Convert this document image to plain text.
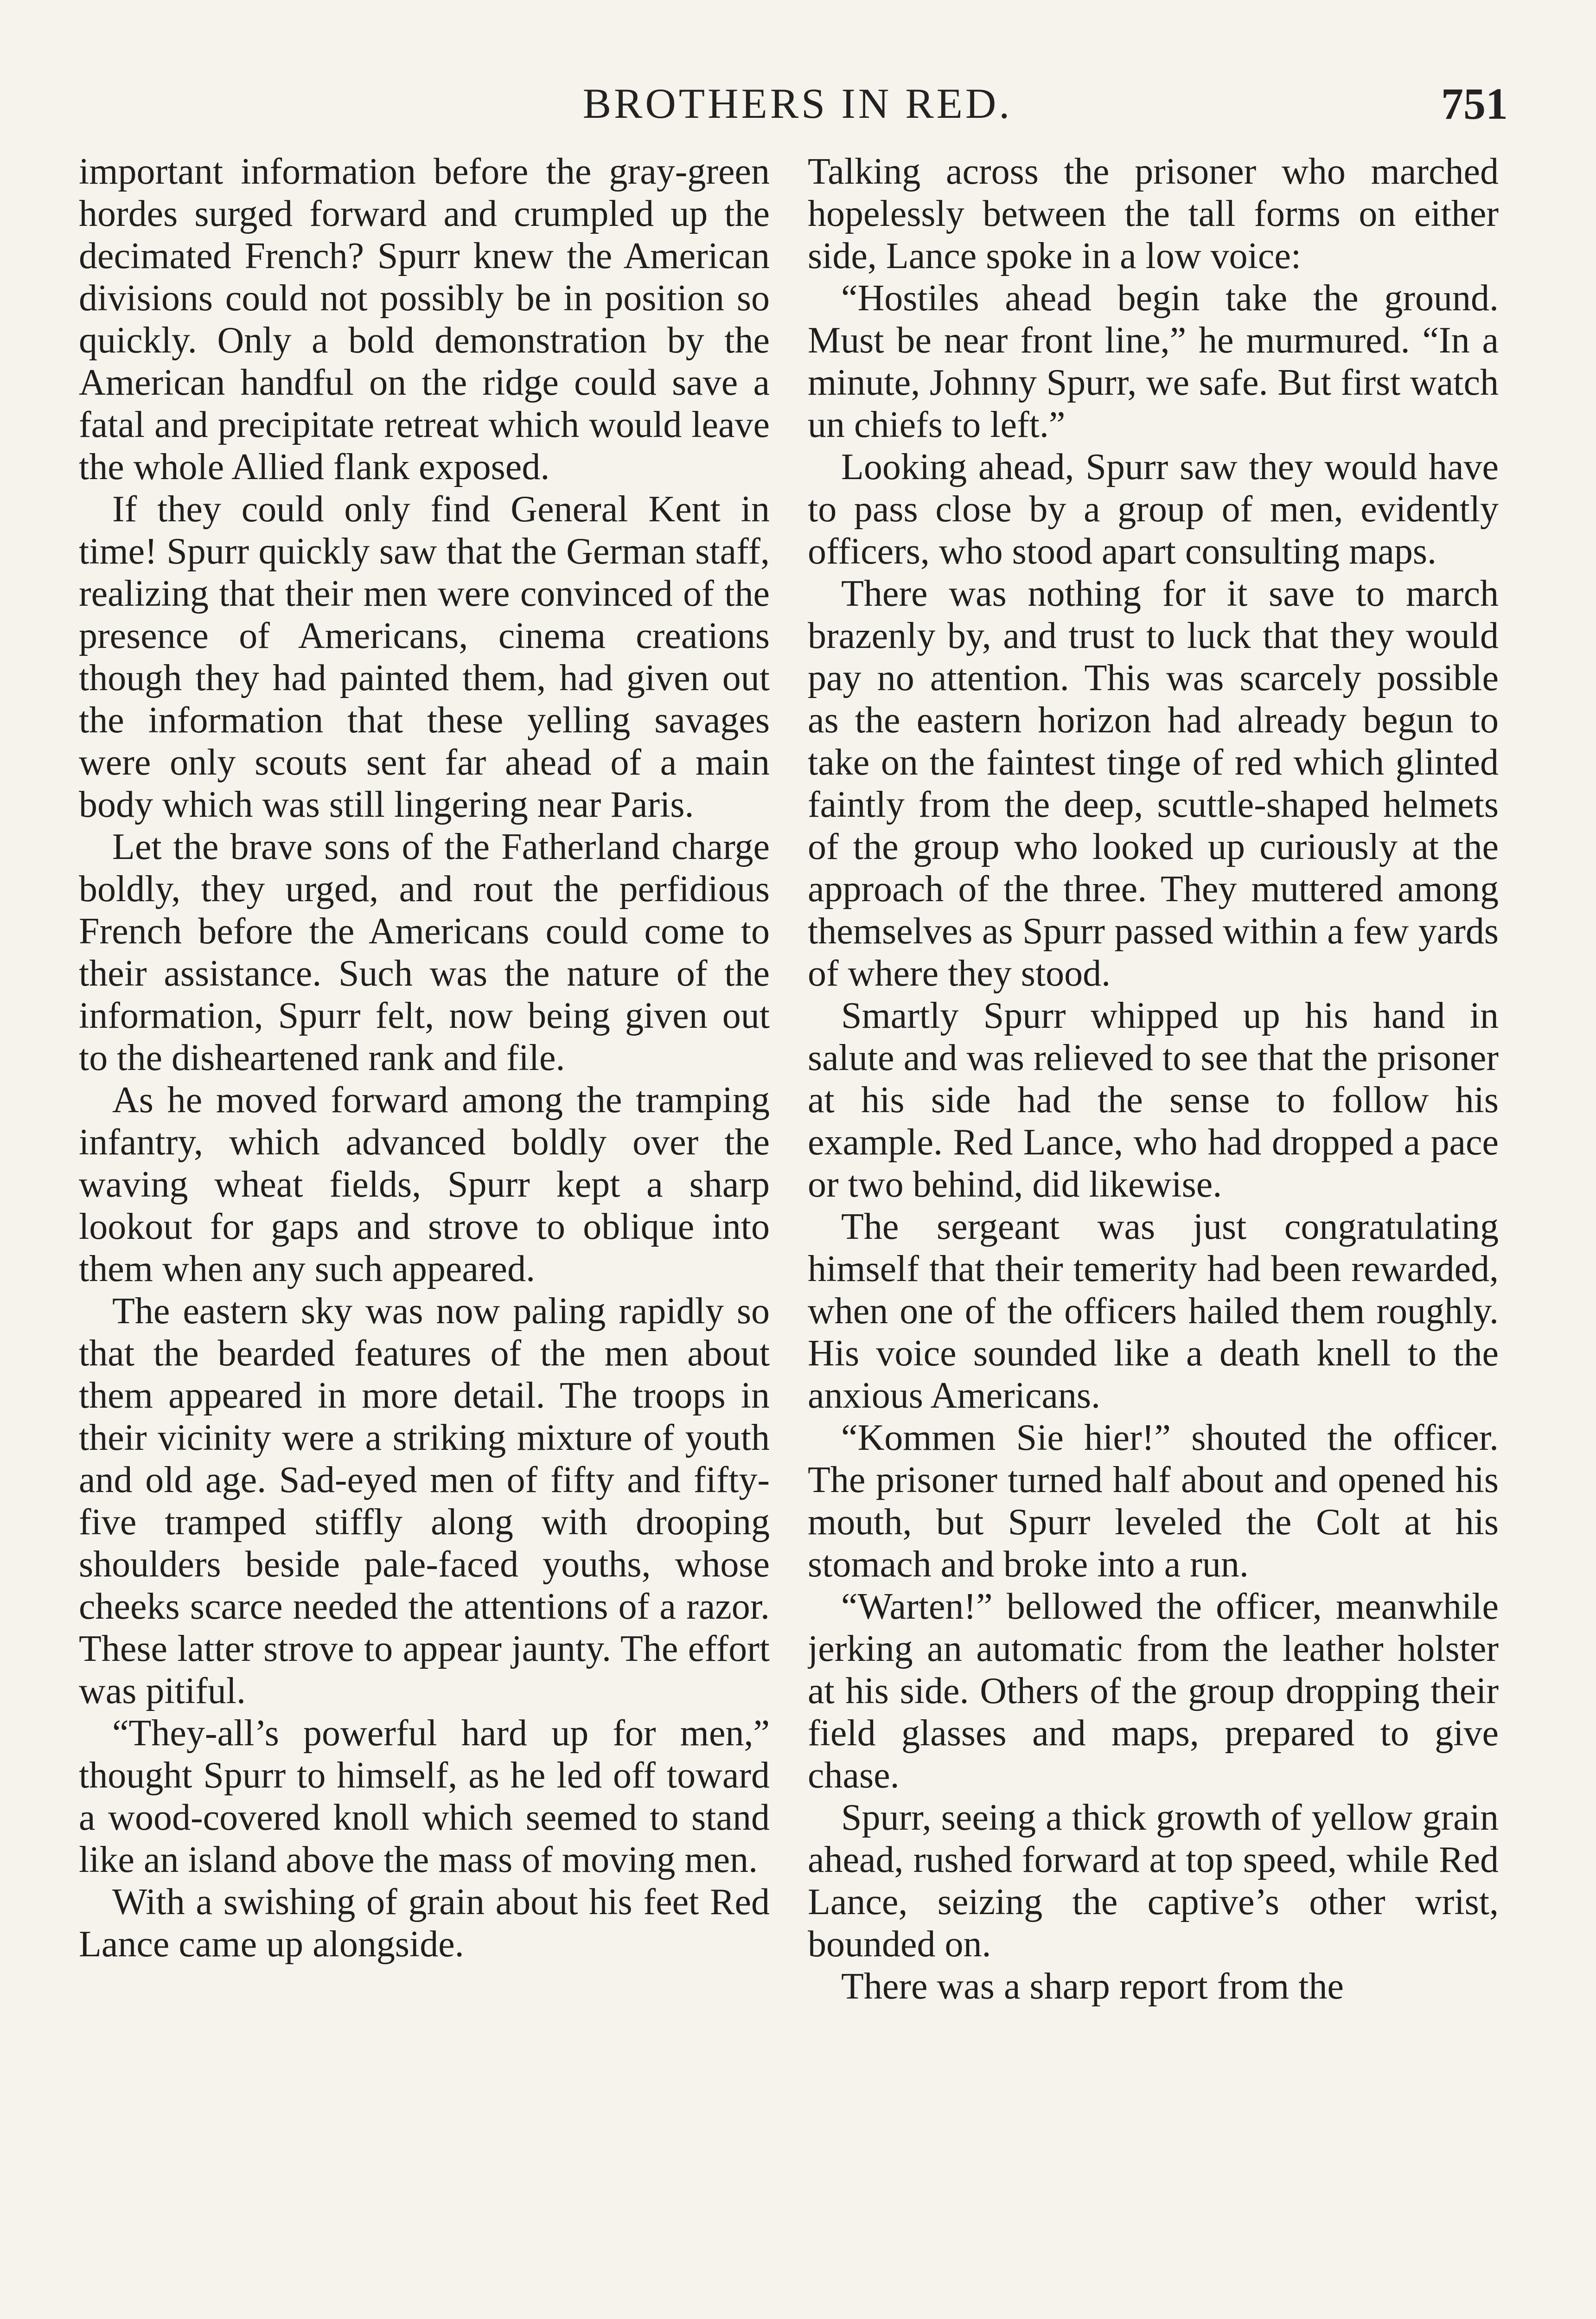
BROTHERS IN RED.	751

important information before the gray-green hordes surged forward and crumpled up the decimated French? Spurr knew the American divisions could not possibly be in position so quickly. Only a bold demonstration by the American handful on the ridge could save a fatal and precipitate retreat which would leave the whole Allied flank exposed.

If they could only find General Kent in time! Spurr quickly saw that the German staff, realizing that their men were convinced of the presence of Americans, cinema creations though they had painted them, had given out the information that these yelling savages were only scouts sent far ahead of a main body which was still lingering near Paris.

Let the brave sons of the Fatherland charge boldly, they urged, and rout the perfidious French before the Americans could come to their assistance. Such was the nature of the information, Spurr felt, now being given out to the disheartened rank and file.

As he moved forward among the tramping infantry, which advanced boldly over the waving wheat fields, Spurr kept a sharp lookout for gaps and strove to oblique into them when any such appeared.

The eastern sky was now paling rapidly so that the bearded features of the men about them appeared in more detail. The troops in their vicinity were a striking mixture of youth and old age. Sad-eyed men of fifty and fifty-five tramped stiffly along with drooping shoulders beside pale-faced youths, whose cheeks scarce needed the attentions of a razor. These latter strove to appear jaunty. The effort was pitiful.

“They-all’s powerful hard up for men,” thought Spurr to himself, as he led off toward a wood-covered knoll which seemed to stand like an island above the mass of moving men.

With a swishing of grain about his feet Red Lance came up alongside.

Talking across the prisoner who marched hopelessly between the tall forms on either side, Lance spoke in a low voice:

“Hostiles ahead begin take the ground. Must be near front line,” he murmured. “In a minute, Johnny Spurr, we safe. But first watch un chiefs to left.”

Looking ahead, Spurr saw they would have to pass close by a group of men, evidently officers, who stood apart consulting maps.

There was nothing for it save to march brazenly by, and trust to luck that they would pay no attention. This was scarcely possible as the eastern horizon had already begun to take on the faintest tinge of red which glinted faintly from the deep, scuttle-shaped helmets of the group who looked up curiously at the approach of the three. They muttered among themselves as Spurr passed within a few yards of where they stood.

Smartly Spurr whipped up his hand in salute and was relieved to see that the prisoner at his side had the sense to follow his example. Red Lance, who had dropped a pace or two behind, did likewise.

The sergeant was just congratulating himself that their temerity had been rewarded, when one of the officers hailed them roughly. His voice sounded like a death knell to the anxious Americans.

“Kommen Sie hier!” shouted the officer. The prisoner turned half about and opened his mouth, but Spurr leveled the Colt at his stomach and broke into a run.

“Warten!” bellowed the officer, meanwhile jerking an automatic from the leather holster at his side. Others of the group dropping their field glasses and maps, prepared to give chase.

Spurr, seeing a thick growth of yellow grain ahead, rushed forward at top speed, while Red Lance, seizing the captive’s other wrist, bounded on.

There was a sharp report from the
